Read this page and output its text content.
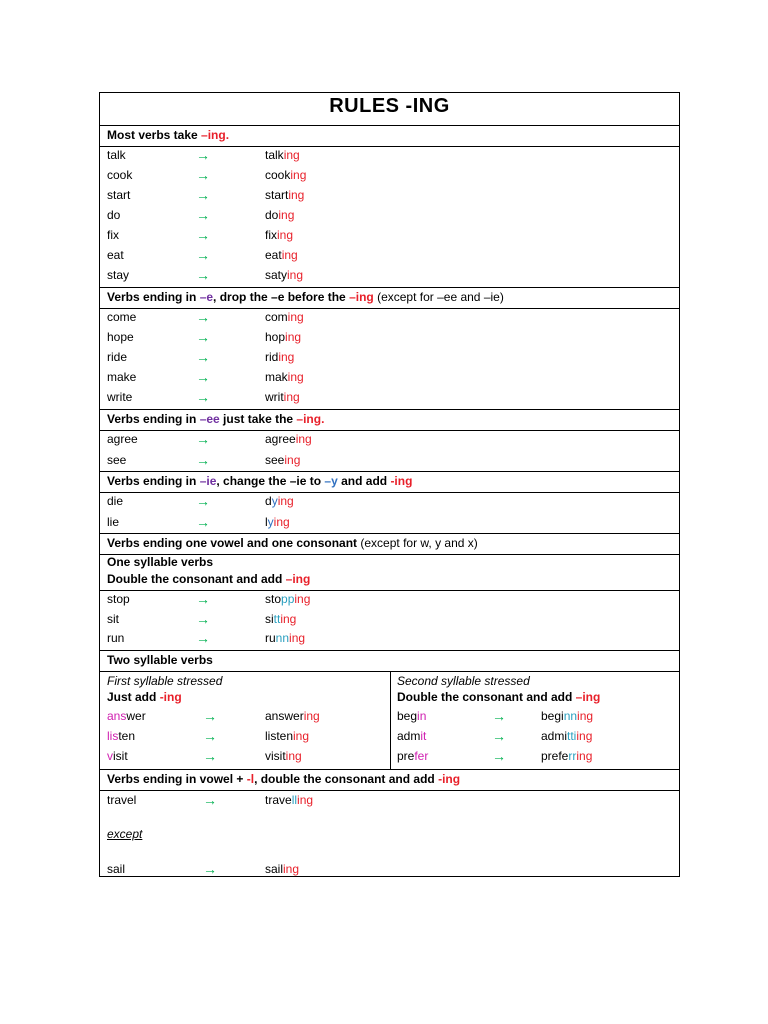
RULES -ING
Most verbs take –ing.
talk	→	talking
cook	→	cooking
start	→	starting
do	→	doing
fix	→	fixing
eat	→	eating
stay	→	satying
Verbs ending in –e, drop the –e before the –ing (except for –ee and –ie)
come	→	coming
hope	→	hoping
ride	→	riding
make	→	making
write	→	writing
Verbs ending in –ee just take the –ing.
agree	→	agreeing
see	→	seeing
Verbs ending in –ie, change the –ie to –y and add -ing
die	→	dying
lie	→	lying
Verbs ending one vowel and one consonant (except for w, y and x)
One syllable verbs
Double the consonant and add –ing
stop	→	stopping
sit	→	sitting
run	→	running
Two syllable verbs
First syllable stressed
Just add -ing
Second syllable stressed
Double the consonant and add –ing
answer	→	answering
listen	→	listening
visit	→	visiting
begin	→	beginning
admit	→	admittiing
prefer	→	preferring
Verbs ending in vowel + -l, double the consonant and add -ing
travel	→	travelling
except
sail	→	sailing
